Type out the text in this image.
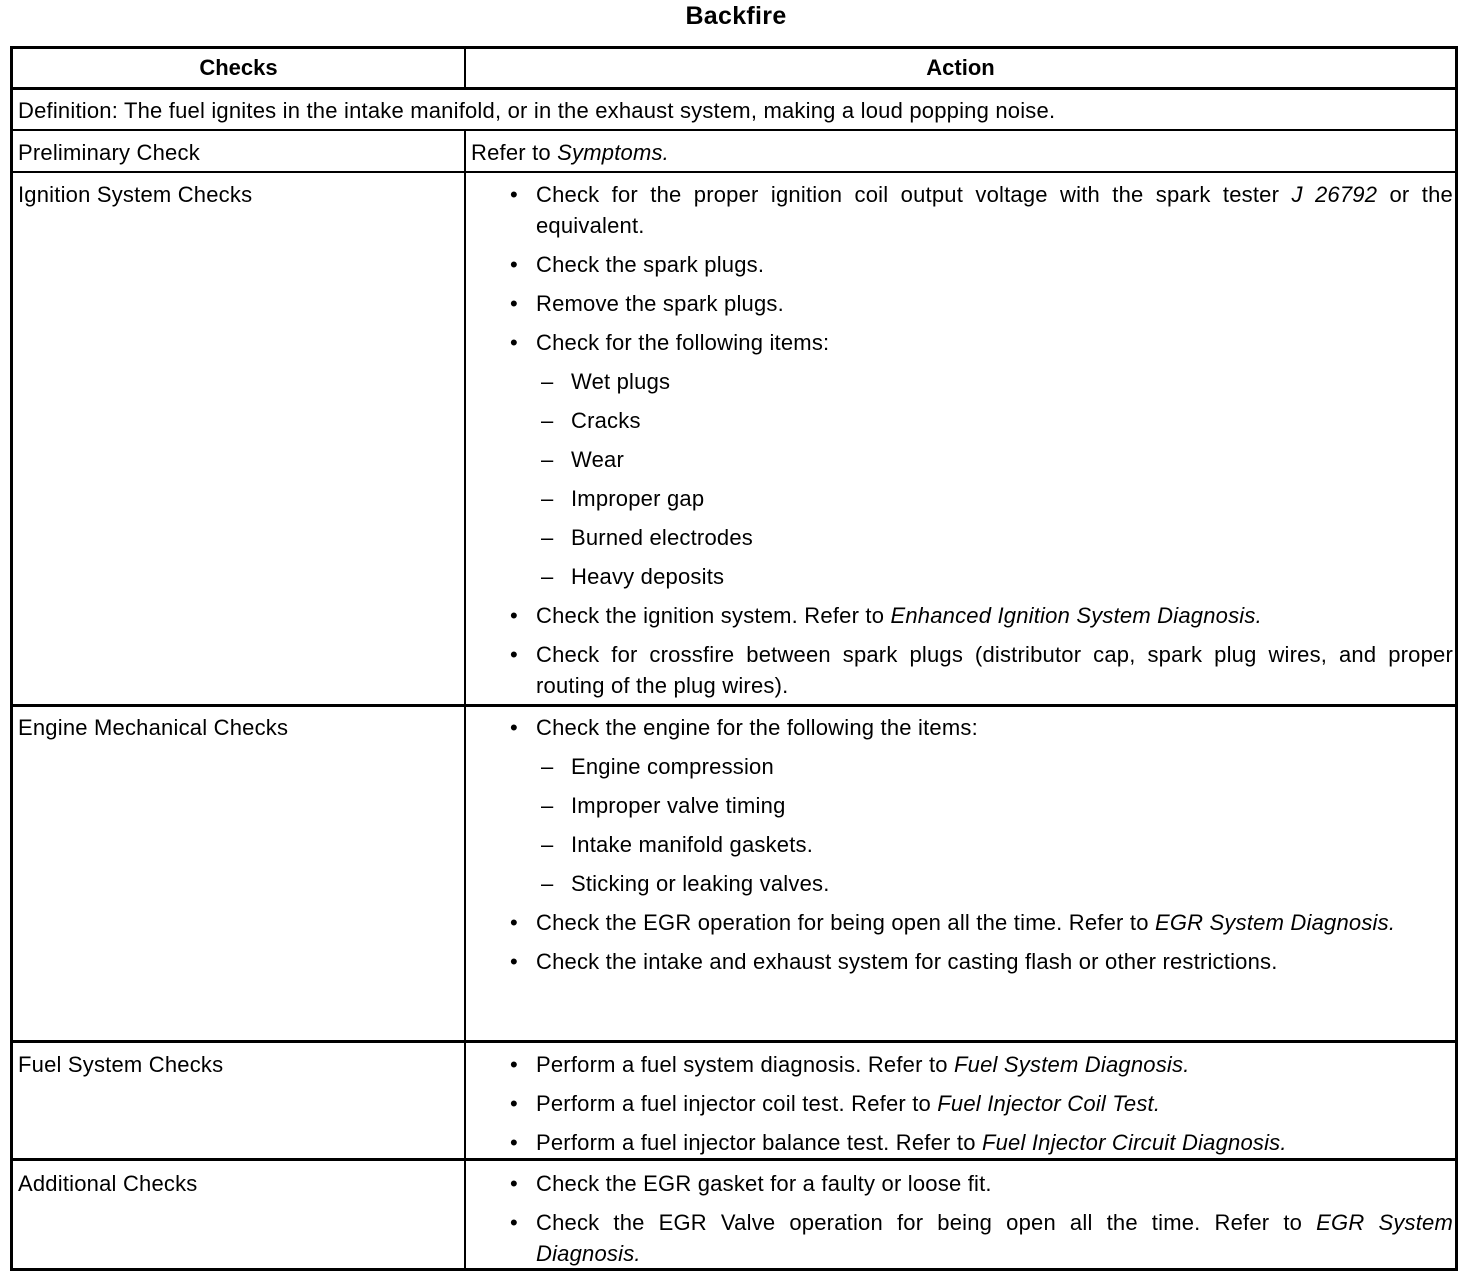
Backfire
Checks	Action
Definition: The fuel ignites in the intake manifold, or in the exhaust system, making a loud popping noise.
Preliminary Check	Refer to Symptoms.
Ignition System Checks	• Check for the proper ignition coil output voltage with the spark tester J 26792 or the equivalent.
• Check the spark plugs.
• Remove the spark plugs.
• Check for the following items:
– Wet plugs
– Cracks
– Wear
– Improper gap
– Burned electrodes
– Heavy deposits
• Check the ignition system. Refer to Enhanced Ignition System Diagnosis.
• Check for crossfire between spark plugs (distributor cap, spark plug wires, and proper routing of the plug wires).
Engine Mechanical Checks	• Check the engine for the following the items:
– Engine compression
– Improper valve timing
– Intake manifold gaskets.
– Sticking or leaking valves.
• Check the EGR operation for being open all the time. Refer to EGR System Diagnosis.
• Check the intake and exhaust system for casting flash or other restrictions.
Fuel System Checks	• Perform a fuel system diagnosis. Refer to Fuel System Diagnosis.
• Perform a fuel injector coil test. Refer to Fuel Injector Coil Test.
• Perform a fuel injector balance test. Refer to Fuel Injector Circuit Diagnosis.
Additional Checks	• Check the EGR gasket for a faulty or loose fit.
• Check the EGR Valve operation for being open all the time. Refer to EGR System Diagnosis.
